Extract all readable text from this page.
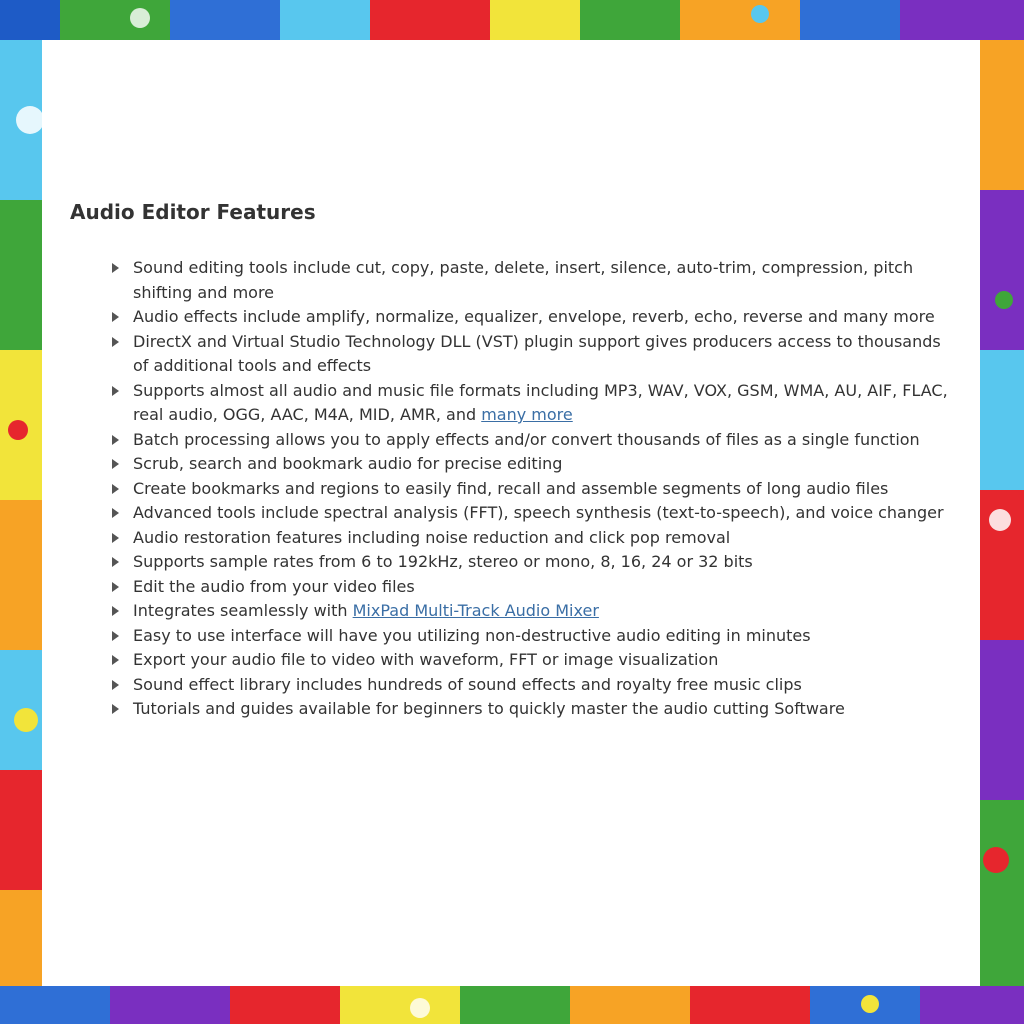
Audio Editor Features
Sound editing tools include cut, copy, paste, delete, insert, silence, auto-trim, compression, pitch shifting and more
Audio effects include amplify, normalize, equalizer, envelope, reverb, echo, reverse and many more
DirectX and Virtual Studio Technology DLL (VST) plugin support gives producers access to thousands of additional tools and effects
Supports almost all audio and music file formats including MP3, WAV, VOX, GSM, WMA, AU, AIF, FLAC, real audio, OGG, AAC, M4A, MID, AMR, and many more
Batch processing allows you to apply effects and/or convert thousands of files as a single function
Scrub, search and bookmark audio for precise editing
Create bookmarks and regions to easily find, recall and assemble segments of long audio files
Advanced tools include spectral analysis (FFT), speech synthesis (text-to-speech), and voice changer
Audio restoration features including noise reduction and click pop removal
Supports sample rates from 6 to 192kHz, stereo or mono, 8, 16, 24 or 32 bits
Edit the audio from your video files
Integrates seamlessly with MixPad Multi-Track Audio Mixer
Easy to use interface will have you utilizing non-destructive audio editing in minutes
Export your audio file to video with waveform, FFT or image visualization
Sound effect library includes hundreds of sound effects and royalty free music clips
Tutorials and guides available for beginners to quickly master the audio cutting Software
